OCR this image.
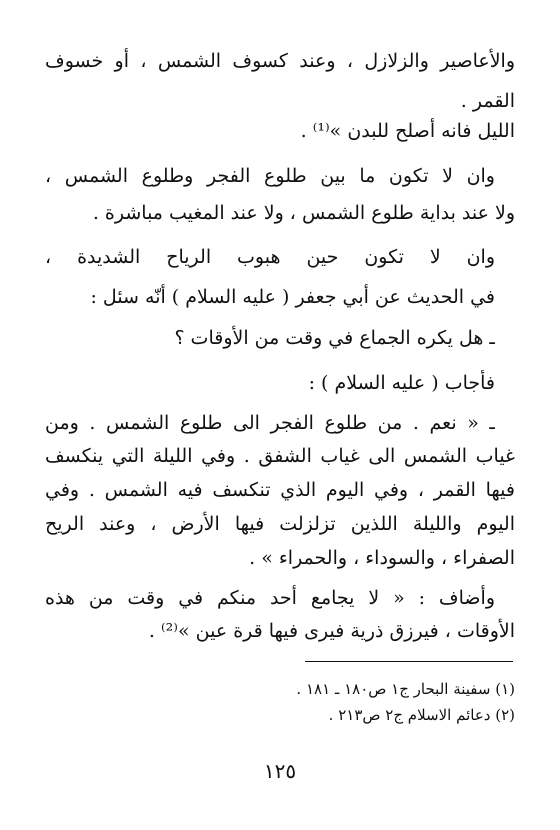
والأعاصير والزلازل ، وعند كسوف الشمس ، أو خسوف
القمر .
الليل فانه أصلح للبدن »⁽¹⁾ .
وان لا تكون ما بين طلوع الفجر وطلوع الشمس ،
ولا عند بداية طلوع الشمس ، ولا عند المغيب مباشرة .
وان لا تكون حين هبوب الرياح الشديدة ،
في الحديث عن أبي جعفر ( عليه السلام ) أنّه سئل :
ـ هل يكره الجماع في وقت من الأوقات ؟
فأجاب ( عليه السلام ) :
ـ « نعم . من طلوع الفجر الى طلوع الشمس . ومن
غياب الشمس الى غياب الشفق . وفي الليلة التي ينكسف
فيها القمر ، وفي اليوم الذي تنكسف فيه الشمس . وفي
اليوم والليلة اللذين تزلزلت فيها الأرض ، وعند الريح
الصفراء ، والسوداء ، والحمراء » .
وأضاف : « لا يجامع أحد منكم في وقت من هذه
الأوقات ، فيرزق ذرية فيرى فيها قرة عين »⁽²⁾ .
(١) سفينة البحار ج١ ص١٨٠ ـ ١٨١ .
(٢) دعائم الاسلام ج٢ ص٢١٣ .
١٢٥
